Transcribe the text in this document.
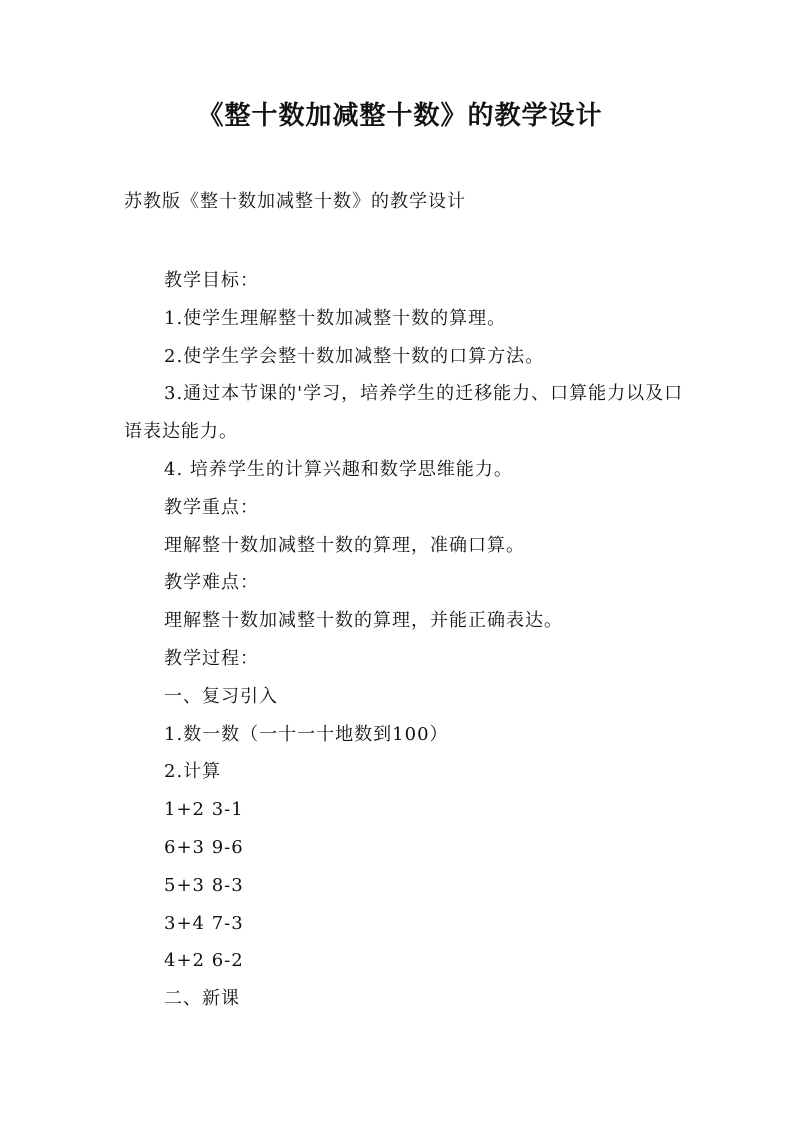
《整十数加减整十数》的教学设计
苏教版《整十数加减整十数》的教学设计

教学目标：

1.使学生理解整十数加减整十数的算理。

2.使学生学会整十数加减整十数的口算方法。

3.通过本节课的'学习，培养学生的迁移能力、口算能力以及口语表达能力。

4. 培养学生的计算兴趣和数学思维能力。

教学重点：

理解整十数加减整十数的算理，准确口算。

教学难点：

理解整十数加减整十数的算理，并能正确表达。

教学过程：

一、复习引入

1.数一数（一十一十地数到100）

2.计算

1+2 3-1

6+3 9-6

5+3 8-3

3+4 7-3

4+2 6-2

二、新课
